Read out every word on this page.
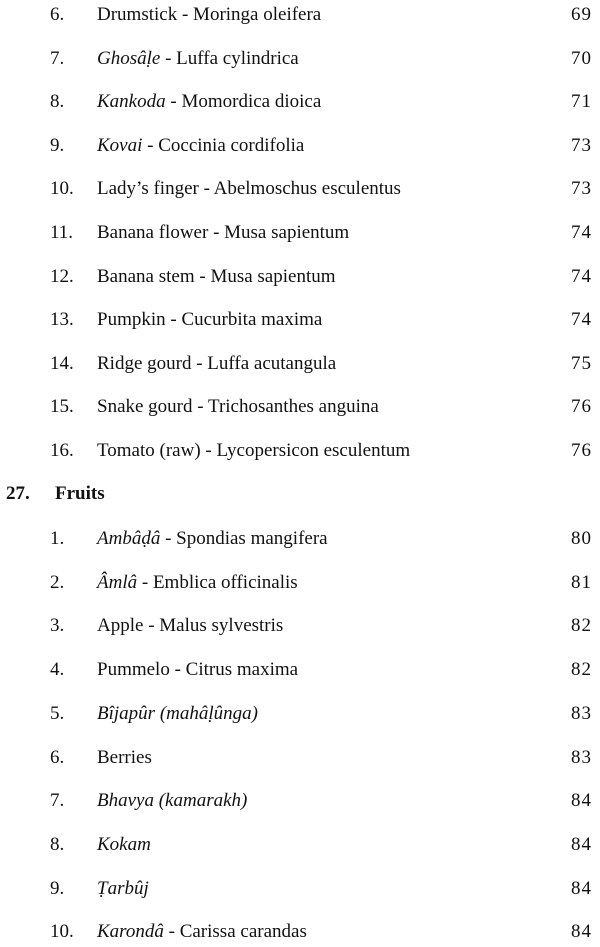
6.	Drumstick - Moringa oleifera	69
7.	Ghosâḷe - Luffa cylindrica	70
8.	Kankoda - Momordica dioica	71
9.	Kovai - Coccinia cordifolia	73
10.	Lady’s finger - Abelmoschus esculentus	73
11.	Banana flower - Musa sapientum	74
12.	Banana stem - Musa sapientum	74
13.	Pumpkin - Cucurbita maxima	74
14.	Ridge gourd - Luffa acutangula	75
15.	Snake gourd - Trichosanthes anguina	76
16.	Tomato (raw) - Lycopersicon esculentum	76
27. Fruits
1.	Ambâḍâ - Spondias mangifera	80
2.	Âmlâ - Emblica officinalis	81
3.	Apple - Malus sylvestris	82
4.	Pummelo - Citrus maxima	82
5.	Bîjapûr (mahâḷûnga)	83
6.	Berries	83
7.	Bhavya (kamarakh)	84
8.	Kokam	84
9.	Ṭarbûj	84
10.	Karondâ - Carissa carandas	84
